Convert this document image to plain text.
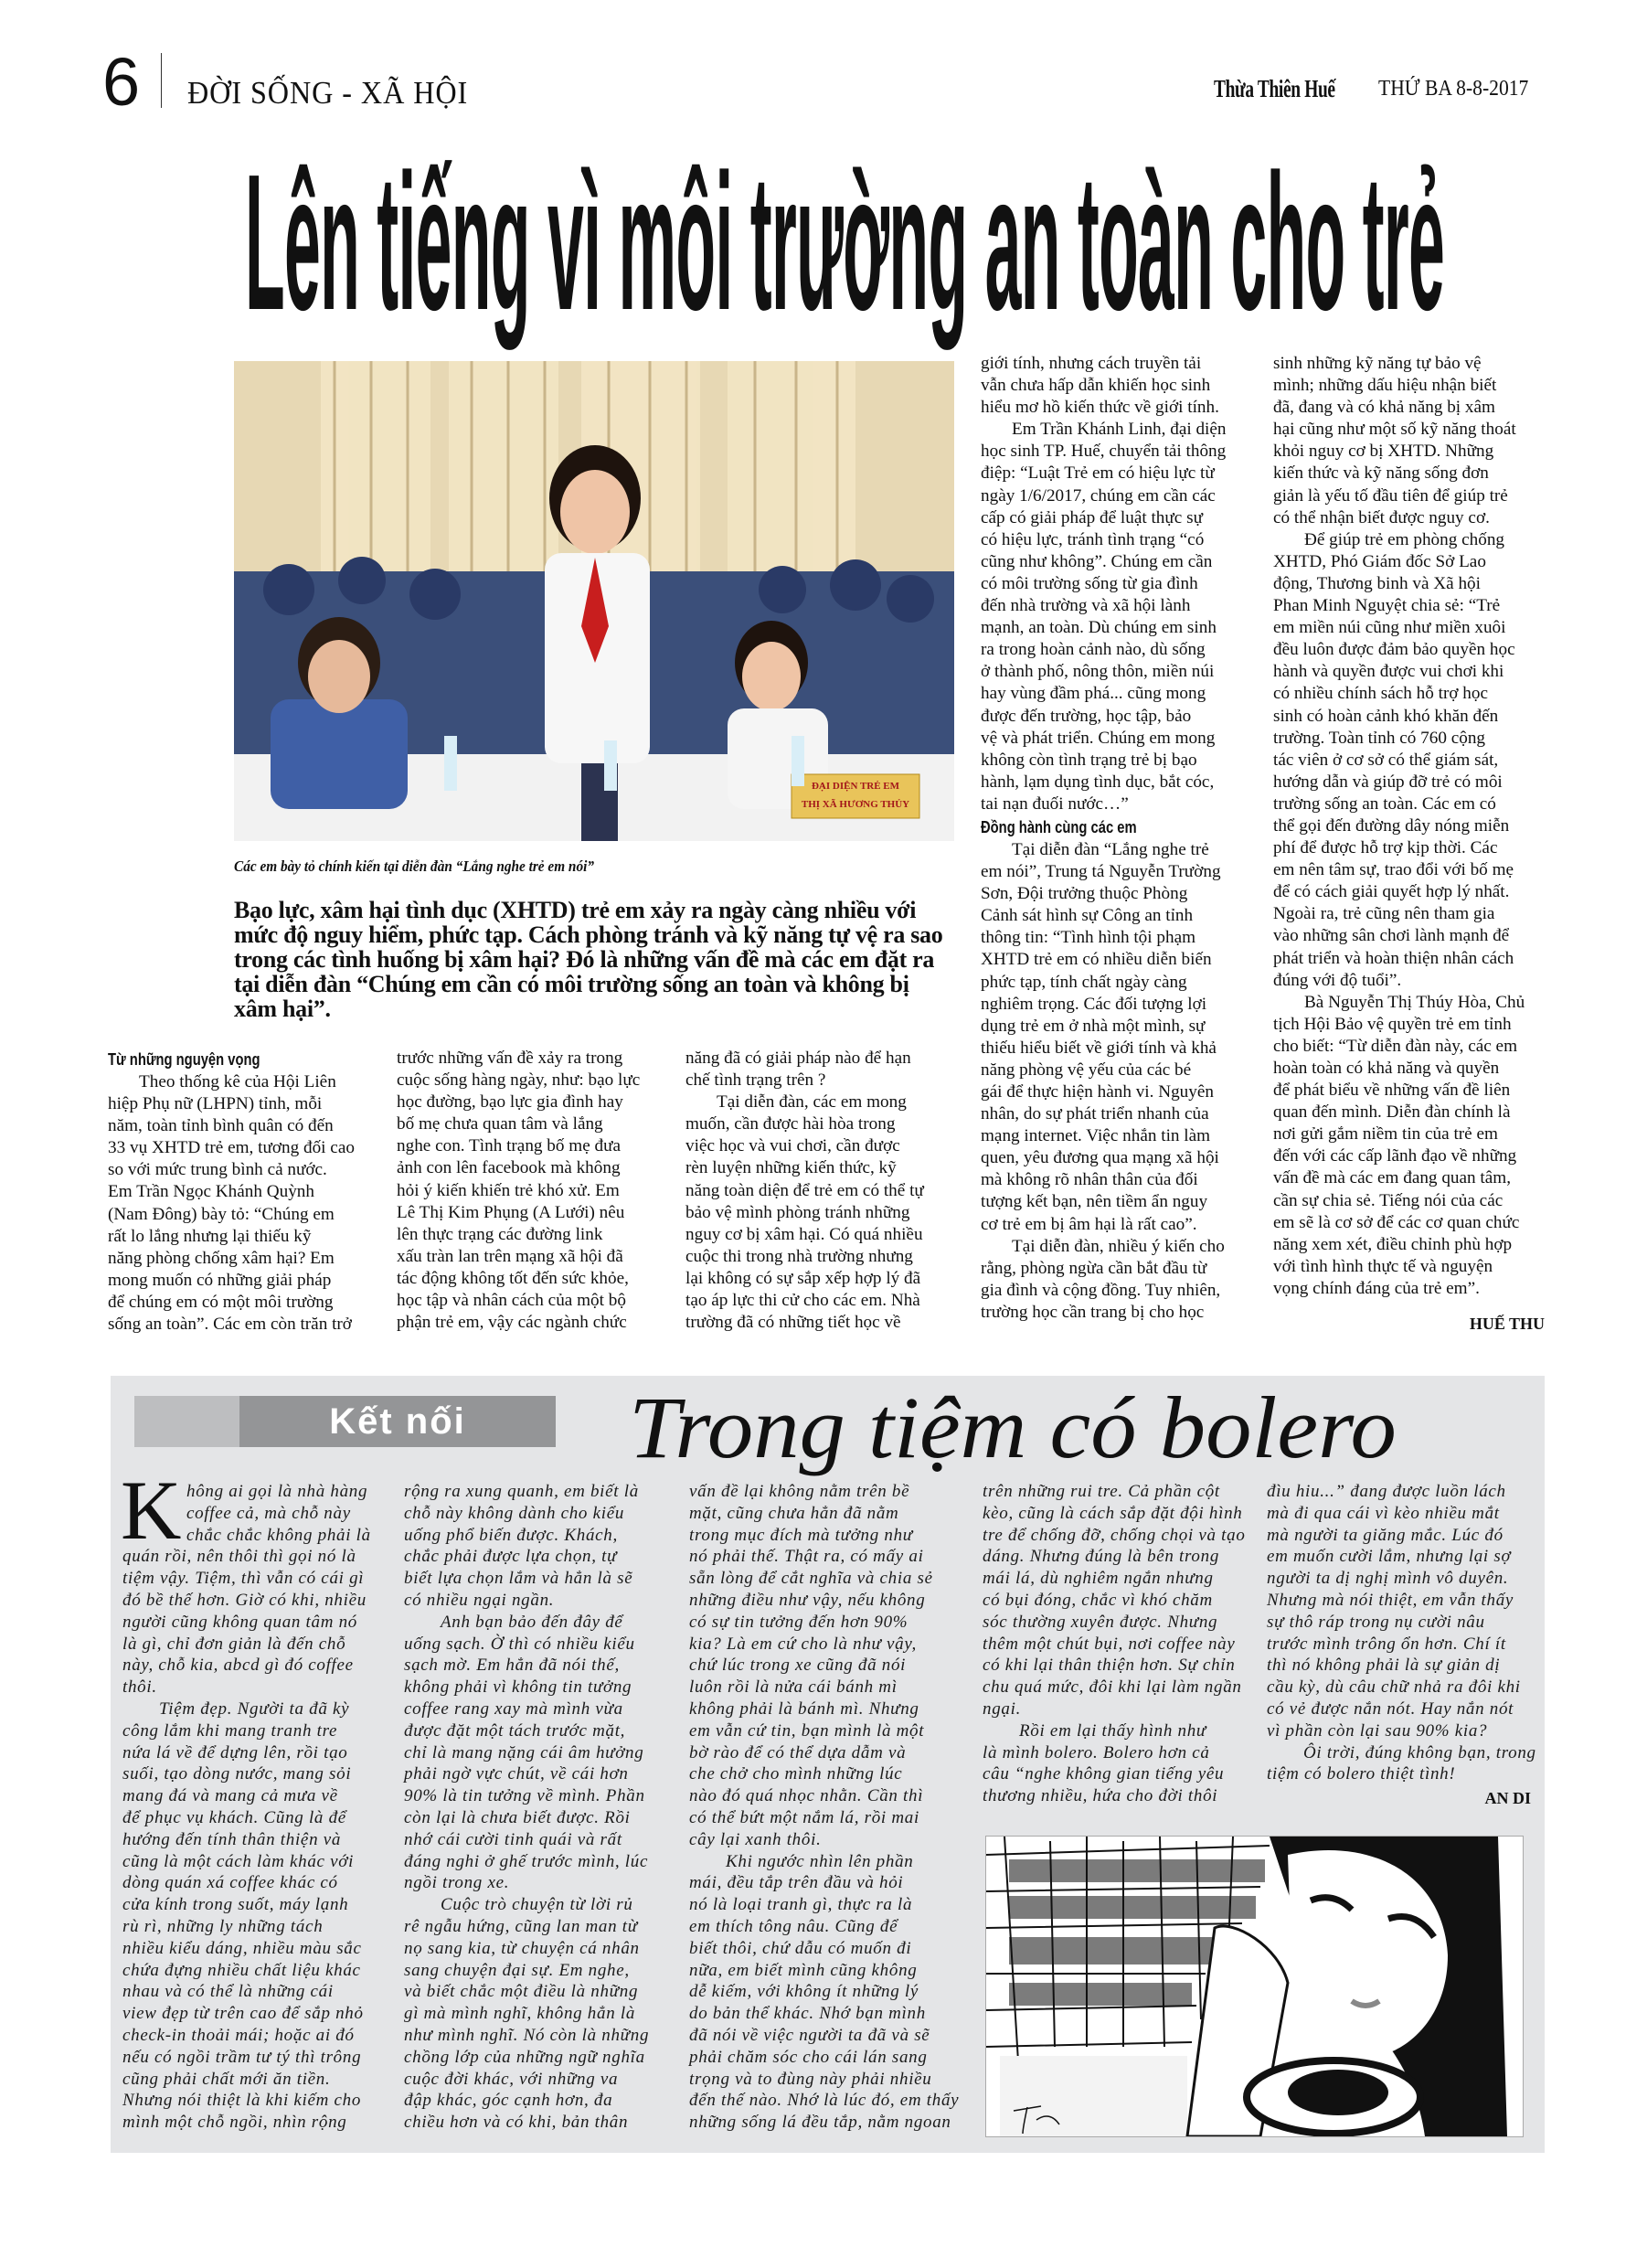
6 ĐỜI SỐNG - XÃ HỘI	Thừa Thiên Huế THỨ BA 8-8-2017
Lên tiếng vì môi trường an toàn cho trẻ
ĐẠI DIỆN TRẺ EM
THỊ XÃ HƯƠNG THỦY
Các em bày tỏ chính kiến tại diễn đàn “Lắng nghe trẻ em nói”
Bạo lực, xâm hại tình dục (XHTD) trẻ em xảy ra ngày càng nhiều với mức độ nguy hiểm, phức tạp. Cách phòng tránh và kỹ năng tự vệ ra sao trong các tình huống bị xâm hại? Đó là những vấn đề mà các em đặt ra tại diễn đàn “Chúng em cần có môi trường sống an toàn và không bị xâm hại”.
Từ những nguyện vọng
Theo thống kê của Hội Liên
hiệp Phụ nữ (LHPN) tỉnh, mỗi
năm, toàn tỉnh bình quân có đến
33 vụ XHTD trẻ em, tương đối cao
so với mức trung bình cả nước.
Em Trần Ngọc Khánh Quỳnh
(Nam Đông) bày tỏ: “Chúng em
rất lo lắng nhưng lại thiếu kỹ
năng phòng chống xâm hại? Em
mong muốn có những giải pháp
để chúng em có một môi trường
sống an toàn”. Các em còn trăn trở
trước những vấn đề xảy ra trong
cuộc sống hàng ngày, như: bạo lực
học đường, bạo lực gia đình hay
bố mẹ chưa quan tâm và lắng
nghe con. Tình trạng bố mẹ đưa
ảnh con lên facebook mà không
hỏi ý kiến khiến trẻ khó xử. Em
Lê Thị Kim Phụng (A Lưới) nêu
lên thực trạng các đường link
xấu tràn lan trên mạng xã hội đã
tác động không tốt đến sức khỏe,
học tập và nhân cách của một bộ
phận trẻ em, vậy các ngành chức
năng đã có giải pháp nào để hạn
chế tình trạng trên ?
Tại diễn đàn, các em mong
muốn, cần được hài hòa trong
việc học và vui chơi, cần được
rèn luyện những kiến thức, kỹ
năng toàn diện để trẻ em có thể tự
bảo vệ mình phòng tránh những
nguy cơ bị xâm hại. Có quá nhiều
cuộc thi trong nhà trường nhưng
lại không có sự sắp xếp hợp lý đã
tạo áp lực thi cử cho các em. Nhà
trường đã có những tiết học về
giới tính, nhưng cách truyền tải
vẫn chưa hấp dẫn khiến học sinh
hiểu mơ hồ kiến thức về giới tính.
Em Trần Khánh Linh, đại diện
học sinh TP. Huế, chuyển tải thông
điệp: “Luật Trẻ em có hiệu lực từ
ngày 1/6/2017, chúng em cần các
cấp có giải pháp để luật thực sự
có hiệu lực, tránh tình trạng “có
cũng như không”. Chúng em cần
có môi trường sống từ gia đình
đến nhà trường và xã hội lành
mạnh, an toàn. Dù chúng em sinh
ra trong hoàn cảnh nào, dù sống
ở thành phố, nông thôn, miền núi
hay vùng đầm phá... cũng mong
được đến trường, học tập, bảo
vệ và phát triển. Chúng em mong
không còn tình trạng trẻ bị bạo
hành, lạm dụng tình dục, bắt cóc,
tai nạn đuối nước…”
Đồng hành cùng các em
Tại diễn đàn “Lắng nghe trẻ
em nói”, Trung tá Nguyễn Trường
Sơn, Đội trưởng thuộc Phòng
Cảnh sát hình sự Công an tỉnh
thông tin: “Tình hình tội phạm
XHTD trẻ em có nhiều diễn biến
phức tạp, tính chất ngày càng
nghiêm trọng. Các đối tượng lợi
dụng trẻ em ở nhà một mình, sự
thiếu hiểu biết về giới tính và khả
năng phòng vệ yếu của các bé
gái để thực hiện hành vi. Nguyên
nhân, do sự phát triển nhanh của
mạng internet. Việc nhắn tin làm
quen, yêu đương qua mạng xã hội
mà không rõ nhân thân của đối
tượng kết bạn, nên tiềm ẩn nguy
cơ trẻ em bị âm hại là rất cao”.
Tại diễn đàn, nhiều ý kiến cho
rằng, phòng ngừa cần bắt đầu từ
gia đình và cộng đồng. Tuy nhiên,
trường học cần trang bị cho học
sinh những kỹ năng tự bảo vệ
mình; những dấu hiệu nhận biết
đã, đang và có khả năng bị xâm
hại cũng như một số kỹ năng thoát
khỏi nguy cơ bị XHTD. Những
kiến thức và kỹ năng sống đơn
giản là yếu tố đầu tiên để giúp trẻ
có thể nhận biết được nguy cơ.
Để giúp trẻ em phòng chống
XHTD, Phó Giám đốc Sở Lao
động, Thương binh và Xã hội
Phan Minh Nguyệt chia sẻ: “Trẻ
em miền núi cũng như miền xuôi
đều luôn được đảm bảo quyền học
hành và quyền được vui chơi khi
có nhiều chính sách hỗ trợ học
sinh có hoàn cảnh khó khăn đến
trường. Toàn tỉnh có 760 cộng
tác viên ở cơ sở có thể giám sát,
hướng dẫn và giúp đỡ trẻ có môi
trường sống an toàn. Các em có
thể gọi đến đường dây nóng miễn
phí để được hỗ trợ kịp thời. Các
em nên tâm sự, trao đổi với bố mẹ
để có cách giải quyết hợp lý nhất.
Ngoài ra, trẻ cũng nên tham gia
vào những sân chơi lành mạnh để
phát triển và hoàn thiện nhân cách
đúng với độ tuổi”.
Bà Nguyễn Thị Thúy Hòa, Chủ
tịch Hội Bảo vệ quyền trẻ em tỉnh
cho biết: “Từ diễn đàn này, các em
hoàn toàn có khả năng và quyền
để phát biểu về những vấn đề liên
quan đến mình. Diễn đàn chính là
nơi gửi gắm niềm tin của trẻ em
đến với các cấp lãnh đạo về những
vấn đề mà các em đang quan tâm,
cần sự chia sẻ. Tiếng nói của các
em sẽ là cơ sở để các cơ quan chức
năng xem xét, điều chỉnh phù hợp
với tình hình thực tế và nguyện
vọng chính đáng của trẻ em”.
HUẾ THU
Kết nối	Trong tiệm có bolero
K hông ai gọi là nhà hàng
coffee cả, mà chỗ này
chắc chắc không phải là
quán rồi, nên thôi thì gọi nó là
tiệm vậy. Tiệm, thì vẫn có cái gì
đó bề thế hơn. Giờ có khi, nhiều
người cũng không quan tâm nó
là gì, chỉ đơn giản là đến chỗ
này, chỗ kia, abcd gì đó coffee
thôi.
Tiệm đẹp. Người ta đã kỳ
công lắm khi mang tranh tre
nứa lá về để dựng lên, rồi tạo
suối, tạo dòng nước, mang sỏi
mang đá và mang cả mưa về
để phục vụ khách. Cũng là để
hướng đến tính thân thiện và
cũng là một cách làm khác với
dòng quán xá coffee khác có
cửa kính trong suốt, máy lạnh
rù rì, những ly những tách
nhiều kiểu dáng, nhiều màu sắc
chứa đựng nhiều chất liệu khác
nhau và có thể là những cái
view đẹp từ trên cao để sắp nhỏ
check-in thoải mái; hoặc ai đó
nếu có ngồi trầm tư tý thì trông
cũng phải chất mới ăn tiền.
Nhưng nói thiệt là khi kiếm cho
mình một chỗ ngồi, nhìn rộng
rộng ra xung quanh, em biết là
chỗ này không dành cho kiểu
uống phổ biến được. Khách,
chắc phải được lựa chọn, tự
biết lựa chọn lắm và hẳn là sẽ
có nhiều ngại ngần.
Anh bạn bảo đến đây để
uống sạch. Ờ thì có nhiều kiểu
sạch mờ. Em hẳn đã nói thế,
không phải vì không tin tưởng
coffee rang xay mà mình vừa
được đặt một tách trước mặt,
chỉ là mang nặng cái âm hưởng
phải ngờ vực chút, về cái hơn
90% là tin tưởng về mình. Phần
còn lại là chưa biết được. Rồi
nhớ cái cười tinh quái và rất
đáng nghi ở ghế trước mình, lúc
ngồi trong xe.
Cuộc trò chuyện từ lời rủ
rê ngẫu hứng, cũng lan man từ
nọ sang kia, từ chuyện cá nhân
sang chuyện đại sự. Em nghe,
và biết chắc một điều là những
gì mà mình nghĩ, không hẳn là
như mình nghĩ. Nó còn là những
chồng lớp của những ngữ nghĩa
cuộc đời khác, với những va
đập khác, góc cạnh hơn, đa
chiều hơn và có khi, bản thân
vấn đề lại không nằm trên bề
mặt, cũng chưa hẳn đã nằm
trong mục đích mà tưởng như
nó phải thế. Thật ra, có mấy ai
sẵn lòng để cắt nghĩa và chia sẻ
những điều như vậy, nếu không
có sự tin tưởng đến hơn 90%
kia? Là em cứ cho là như vậy,
chứ lúc trong xe cũng đã nói
luôn rồi là nửa cái bánh mì
không phải là bánh mì. Nhưng
em vẫn cứ tin, bạn mình là một
bờ rào để có thể dựa dẫm và
che chở cho mình những lúc
nào đó quá nhọc nhằn. Cần thì
có thể bứt một nắm lá, rồi mai
cây lại xanh thôi.
Khi ngước nhìn lên phần
mái, đều tắp trên đầu và hỏi
nó là loại tranh gì, thực ra là
em thích tông nâu. Cũng để
biết thôi, chứ dẫu có muốn đi
nữa, em biết mình cũng không
dễ kiếm, với không ít những lý
do bản thể khác. Nhớ bạn mình
đã nói về việc người ta đã và sẽ
phải chăm sóc cho cái lán sang
trọng và to đùng này phải nhiều
đến thế nào. Nhớ là lúc đó, em thấy
những sống lá đều tắp, nằm ngoan
trên những rui tre. Cả phần cột
kèo, cũng là cách sắp đặt đội hình
tre để chống đỡ, chống chọi và tạo
dáng. Nhưng đúng là bên trong
mái lá, dù nghiêm ngắn nhưng
có bụi đóng, chắc vì khó chăm
sóc thường xuyên được. Nhưng
thêm một chút bụi, nơi coffee này
có khi lại thân thiện hơn. Sự chỉn
chu quá mức, đôi khi lại làm ngần
ngại.
Rồi em lại thấy hình như
là mình bolero. Bolero hơn cả
câu “nghe không gian tiếng yêu
thương nhiều, hứa cho đời thôi
đìu hiu...” đang được luồn lách
mà đi qua cái vì kèo nhiều mắt
mà người ta giăng mắc. Lúc đó
em muốn cười lắm, nhưng lại sợ
người ta dị nghị mình vô duyên.
Nhưng mà nói thiệt, em vẫn thấy
sự thô ráp trong nụ cười nâu
trước mình trông ổn hơn. Chí ít
thì nó không phải là sự giản dị
cầu kỳ, dù câu chữ nhả ra đôi khi
có vẻ được nắn nót. Hay nắn nót
vì phần còn lại sau 90% kia?
Ôi trời, đúng không bạn, trong
tiệm có bolero thiệt tình!
AN DI
